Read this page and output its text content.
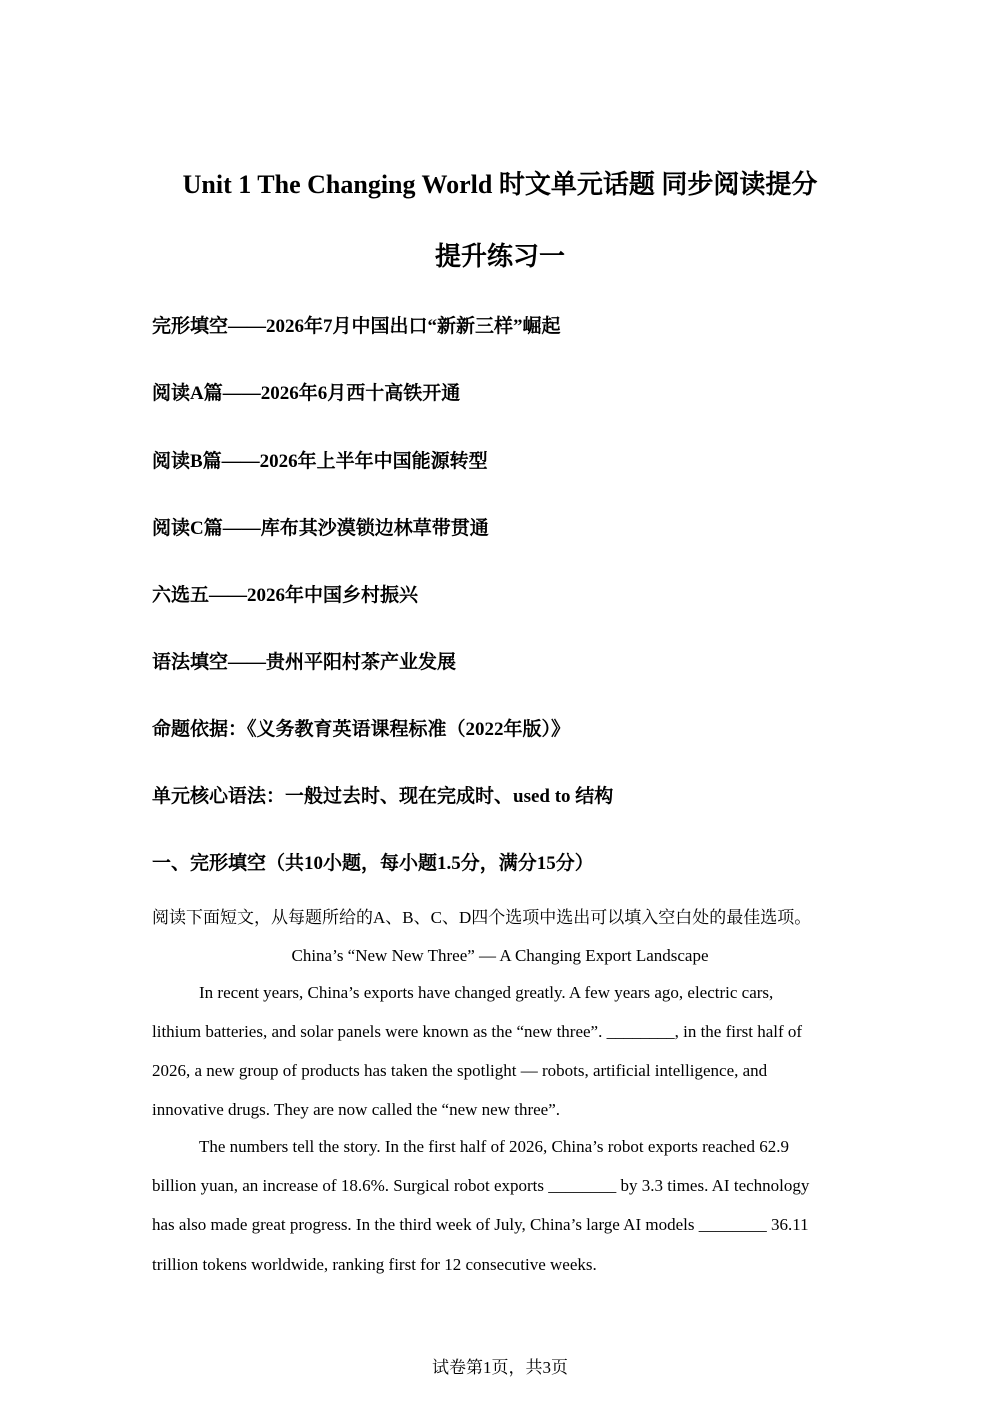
Unit 1 The Changing World 时文单元话题 同步阅读提分
提升练习一
完形填空——2026年7月中国出口“新新三样”崛起
阅读A篇——2026年6月西十高铁开通
阅读B篇——2026年上半年中国能源转型
阅读C篇——库布其沙漠锁边林草带贯通
六选五——2026年中国乡村振兴
语法填空——贵州平阳村茶产业发展
命题依据：《义务教育英语课程标准（2022年版）》
单元核心语法：一般过去时、现在完成时、used to 结构
一、完形填空（共10小题，每小题1.5分，满分15分）
阅读下面短文，从每题所给的A、B、C、D四个选项中选出可以填入空白处的最佳选项。
China’s “New New Three” — A Changing Export Landscape
In recent years, China’s exports have changed greatly. A few years ago, electric cars,
lithium batteries, and solar panels were known as the “new three”. ________, in the first half of
2026, a new group of products has taken the spotlight — robots, artificial intelligence, and
innovative drugs. They are now called the “new new three”.
The numbers tell the story. In the first half of 2026, China’s robot exports reached 62.9
billion yuan, an increase of 18.6%. Surgical robot exports ________ by 3.3 times. AI technology
has also made great progress. In the third week of July, China’s large AI models ________ 36.11
trillion tokens worldwide, ranking first for 12 consecutive weeks.
试卷第1页，共3页
